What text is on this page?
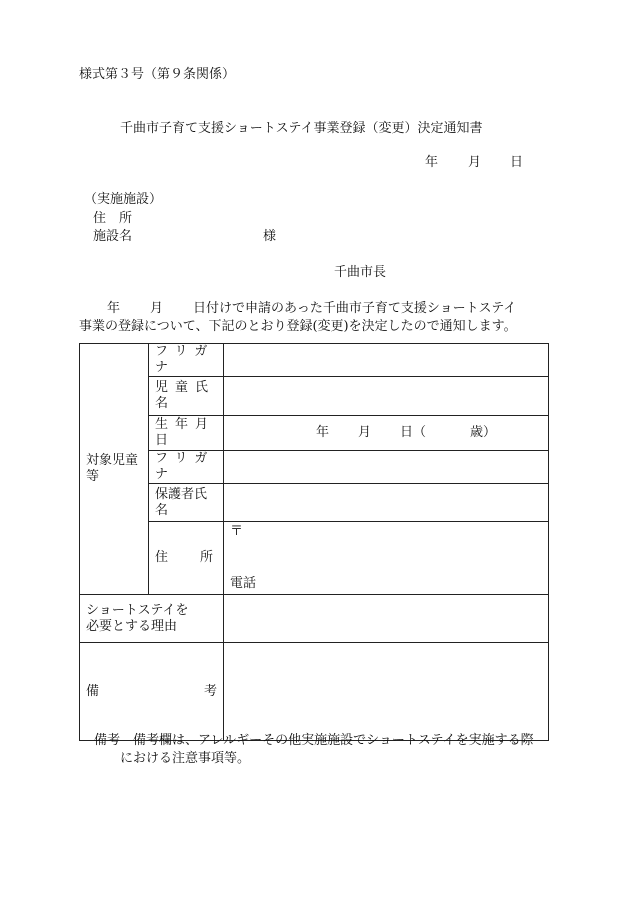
様式第３号（第９条関係）
千曲市子育て支援ショートステイ事業登録（変更）決定通知書
年 月 日
（実施施設）
住　所
施設名	様
千曲市長
年 月 日付けで申請のあった千曲市子育て支援ショートステイ
事業の登録について、下記のとおり登録(変更)を決定したので通知します。
対象児童等	フリガナ	
	児童氏名	
	生年月日	年 月 日（ 歳）

	フリガナ	
	保護者氏名	

	住 所	〒
電話

ショートステイを
必要とする理由		

備 考		

備考 備考欄は、アレルギーその他実施施設でショートステイを実施する際
における注意事項等。
